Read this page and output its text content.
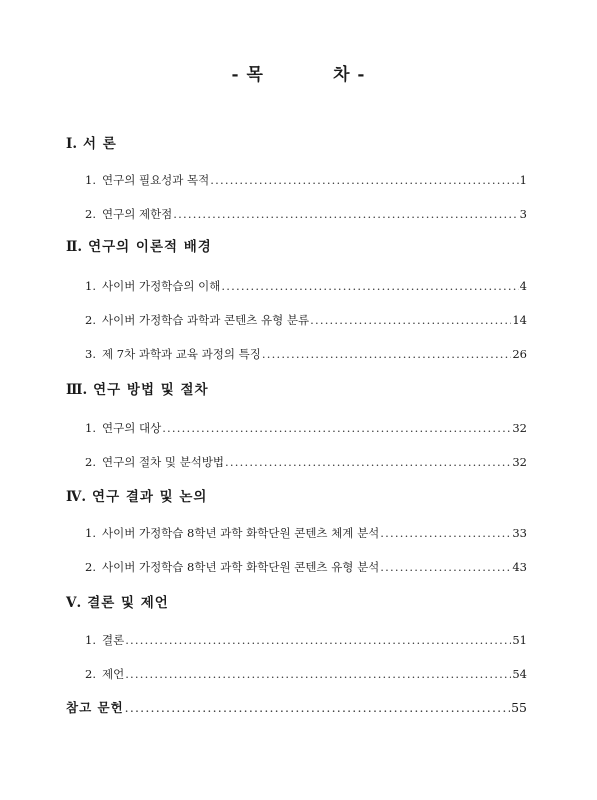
- 목          차 -
Ⅰ. 서 론
1. 연구의 필요성과 목적 .....	1
2. 연구의 제한점 .....	3
Ⅱ. 연구의 이론적 배경
1. 사이버 가정학습의 이해 .....	4
2. 사이버 가정학습 과학과 콘텐츠 유형 분류 .....	14
3. 제 7차 과학과 교육 과정의 특징 .....	26
Ⅲ. 연구 방법 및 절차
1. 연구의 대상 .....	32
2. 연구의 절차 및 분석방법 .....	32
Ⅳ. 연구 결과 및 논의
1. 사이버 가정학습 8학년 과학 화학단원 콘텐츠 체계 분석 .....	33
2. 사이버 가정학습 8학년 과학 화학단원 콘텐츠 유형 분석 .....	43
Ⅴ. 결론 및 제언
1. 결론 .....	51
2. 제언 .....	54
참고 문헌 .....	55
